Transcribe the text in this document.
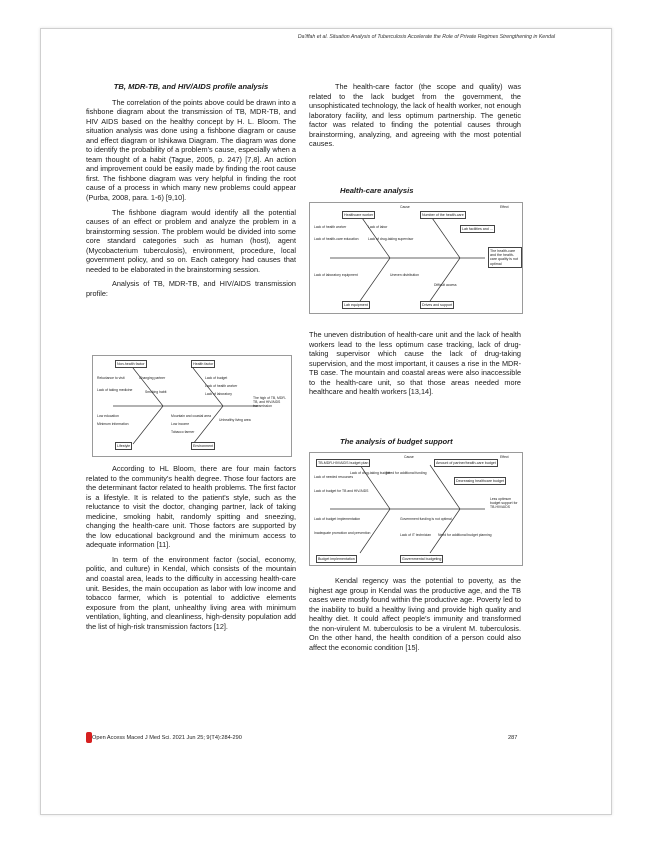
Da'iffah et al. Situation Analysis of Tuberculosis Accelerate the Role of Private Regimes Strengthening in Kendal
TB, MDR-TB, and HIV/AIDS profile analysis

The correlation of the points above could be drawn into a fishbone diagram about the transmission of TB, MDR-TB, and HIV AIDS based on the healthy concept by H. L. Bloom. The situation analysis was done using a fishbone diagram or cause and effect diagram or Ishikawa Diagram. The diagram was done to identify the probability of a problem's cause, especially when a team thought of a habit (Tague, 2005, p. 247) [7,8]. An action and improvement could be easily made by finding the root cause first. The fishbone diagram was very helpful in finding the root cause of a process in which many new problems could appear (Purba, 2008, para. 1-6) [9,10].

The fishbone diagram would identify all the potential causes of an effect or problem and analyze the problem in a brainstorming session. The problem would be divided into some core standard categories such as human (host), agent (Mycobacterium tuberculosis), environment, procedure, local government policy, and so on. Each category had causes that needed to be elaborated in the brainstorming session.

Analysis of TB, MDR-TB, and HIV/AIDS transmission profile:

Non-health factor	Health factor
Lifestyle	Environment
The high of TB, MDR-TB, and HIV/AIDS transmission
Reluctance to visit	Changing partner
Lack of taking medicine	Smoking habit
Low education
Minimum information
Mountain and coastal area
Low income
Tobacco farmer
Unhealthy living area
Lack of budget
Lack of health worker
Lack of laboratory

According to HL Bloom, there are four main factors related to the community's health degree. Those four factors are the determinant factor related to health problems. The first factor is a lifestyle. It is related to the patient's style, such as the reluctance to visit the doctor, changing partner, lack of taking medicine, smoking habit, randomly spitting and sneezing, changing the health-care unit. Those factors are supported by the low educational background and the minimum access to adequate information [11].

In term of the environment factor (social, economy, politic, and culture) in Kendal, which consists of the mountain and coastal area, leads to the difficulty in accessing health-care unit. Besides, the main occupation as labor with low income and tobacco farmer, which is potential to addictive elements exposure from the plant, unhealthy living area with minimum ventilation, lighting, and cleanliness, high-density population add the list of high-risk transmission factors [12].

The health-care factor (the scope and quality) was related to the lack budget from the government, the unsophisticated technology, the lack of health worker, not enough laboratory facility, and less optimum partnership. The genetic factor was related to finding the potential causes through brainstorming, analyzing, and agreeing with the most potential causes.

Health-care analysis
Cause	Effect
Healthcare worker	Number of the health-care
Lab facilities and ...
The health-care and the health-care quality is not optimal
Lab equipment	Drives and support
Lack of health worker	Lack of labor
Lack of health-care education	Lack of drug-taking supervisor
Lack of laboratory equipment	Uneven distribution
Difficult access

The uneven distribution of health-care unit and the lack of health workers lead to the less optimum case tracking, lack of drug-taking supervisor which cause the lack of drug-taking supervision, and the most important, it causes a rise in the MDR-TB case. The mountain and coastal areas were also inaccessible to the health-care unit, so that those areas needed more healthcare and health workers [13,14].

The analysis of budget support
Cause	Effect
TB-MDR-HIV/AIDS budget plan	Amount of partner/health-care budget
Decreasing healthcare budget
Budget implementation	Governmental budgeting
Less optimum budget support for TB-HIV/AIDS
Lack of needed resources
Lack of drug-taking budget
Need for additional funding
Lack of budget for TB and HIV/AIDS
Government funding is not optimal
Lack of budget implementation
Inadequate promotion and prevention	Lack of IT technician Need for additional budget planning

Kendal regency was the potential to poverty, as the highest age group in Kendal was the productive age, and the TB cases were mostly found within the productive age. Poverty led to the inability to build a healthy living and provide high quality and healthy diet. It could affect people's immunity and transformed the non-virulent M. tuberculosis to be a virulent M. tuberculosis. On the other hand, the health condition of a person could also affect the economic condition [15].

Open Access Maced J Med Sci. 2021 Jun 25; 9(T4):284-290	287
